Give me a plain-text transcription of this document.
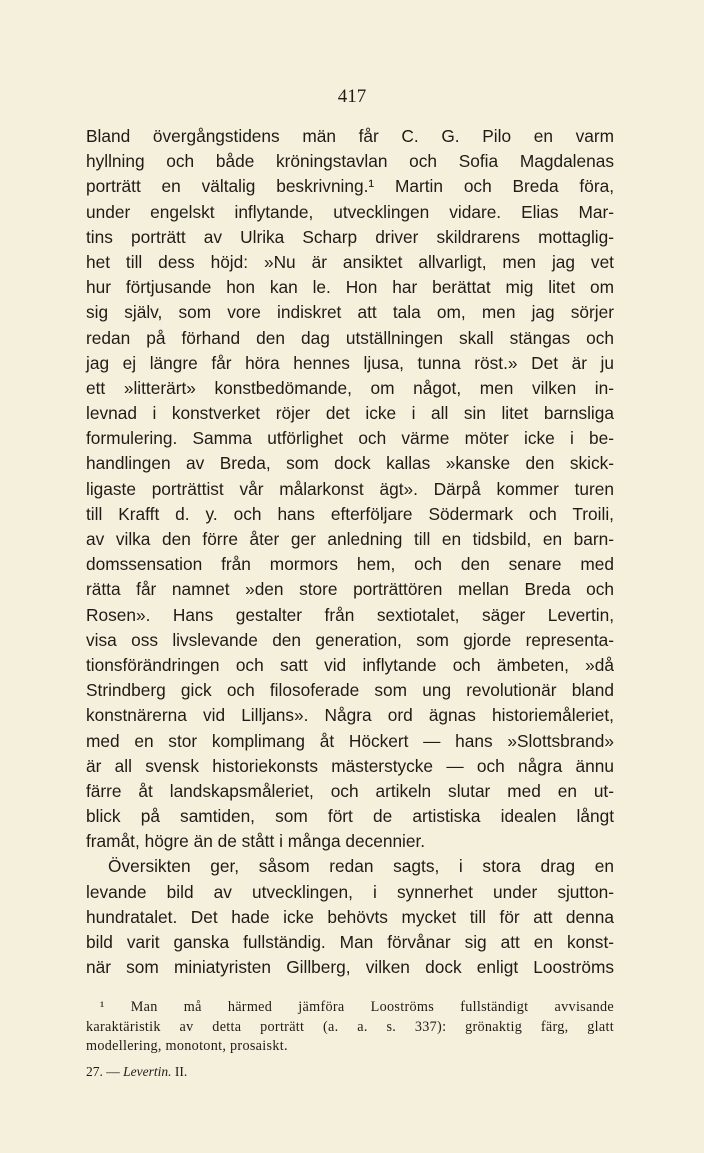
417
Bland övergångstidens män får C. G. Pilo en varm
hyllning och både kröningstavlan och Sofia Magdalenas
porträtt en vältalig beskrivning.¹ Martin och Breda föra,
under engelskt inflytande, utvecklingen vidare. Elias Mar-
tins porträtt av Ulrika Scharp driver skildrarens mottaglig-
het till dess höjd: »Nu är ansiktet allvarligt, men jag vet
hur förtjusande hon kan le. Hon har berättat mig litet om
sig själv, som vore indiskret att tala om, men jag sörjer
redan på förhand den dag utställningen skall stängas och
jag ej längre får höra hennes ljusa, tunna röst.» Det är ju
ett »litterärt» konstbedömande, om något, men vilken in-
levnad i konstverket röjer det icke i all sin litet barnsliga
formulering. Samma utförlighet och värme möter icke i be-
handlingen av Breda, som dock kallas »kanske den skick-
ligaste porträttist vår målarkonst ägt». Därpå kommer turen
till Krafft d. y. och hans efterföljare Södermark och Troili,
av vilka den förre åter ger anledning till en tidsbild, en barn-
domssensation från mormors hem, och den senare med
rätta får namnet »den store porträttören mellan Breda och
Rosen». Hans gestalter från sextiotalet, säger Levertin,
visa oss livslevande den generation, som gjorde representa-
tionsförändringen och satt vid inflytande och ämbeten, »då
Strindberg gick och filosoferade som ung revolutionär bland
konstnärerna vid Lilljans». Några ord ägnas historiemåleriet,
med en stor komplimang åt Höckert — hans »Slottsbrand»
är all svensk historiekonsts mästerstycke — och några ännu
färre åt landskapsmåleriet, och artikeln slutar med en ut-
blick på samtiden, som fört de artistiska idealen långt
framåt, högre än de stått i många decennier.
Översikten ger, såsom redan sagts, i stora drag en
levande bild av utvecklingen, i synnerhet under sjutton-
hundratalet. Det hade icke behövts mycket till för att denna
bild varit ganska fullständig. Man förvånar sig att en konst-
när som miniatyristen Gillberg, vilken dock enligt Looströms
¹ Man må härmed jämföra Looströms fullständigt avvisande
karaktäristik av detta porträtt (a. a. s. 337): grönaktig färg, glatt
modellering, monotont, prosaiskt.
27. — Levertin. II.
